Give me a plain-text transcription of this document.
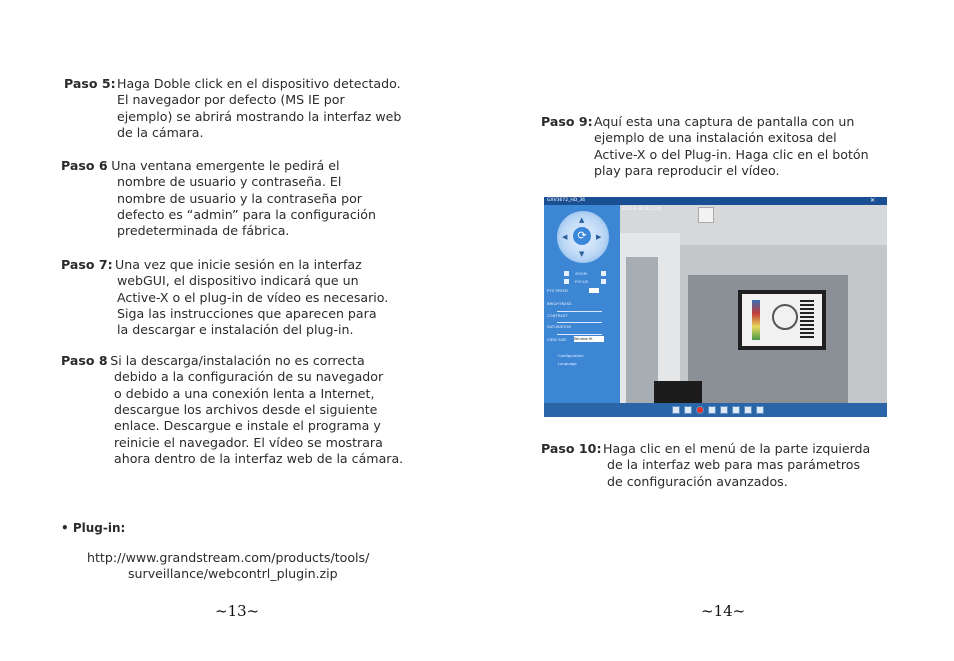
Paso 5: Haga Doble click en el dispositivo detectado.
El navegador por defecto (MS IE por
ejemplo) se abrirá mostrando la interfaz web
de la cámara.
Paso 6
: Una ventana emergente le pedirá el
nombre de usuario y contraseña. El
nombre de usuario y la contraseña por
defecto es “admin” para la configuración
predeterminada de fábrica.
Paso 7: Una vez que inicie sesión en la interfaz
webGUI, el dispositivo indicará que un
Active-X o el plug-in de vídeo es necesario.
Siga las instrucciones que aparecen para
la descargar e instalación del plug-in.
Paso 8
: Si la descarga/instalación no es correcta
debido a la configuración de su navegador
o debido a una conexión lenta a Internet,
descargue los archivos desde el siguiente
enlace. Descargue e instale el programa y
reinicie el navegador. El vídeo se mostrara
ahora dentro de la interfaz web de la cámara.
• Plug-in:
http://www.grandstream.com/products/tools/
surveillance/webcontrl_plugin.zip
~13~
Paso 9: Aquí esta una captura de pantalla con un
ejemplo de una instalación exitosa del
Active-X o del Plug-in. Haga clic en el botón
play para reproducir el vídeo.
GXV3672_HD_36	✕
▲
▼
◀	▶
⟳
ZOOM
FOCUS
PTZ SPEED
BRIGHTNESS
CONTRAST
SATURATION
VIEW SIZE Window fit
Configuration
Language
2011-2-14 11:23:45
Paso 10: Haga clic en el menú de la parte izquierda
de la interfaz web para mas parámetros
de configuración avanzados.
~14~
